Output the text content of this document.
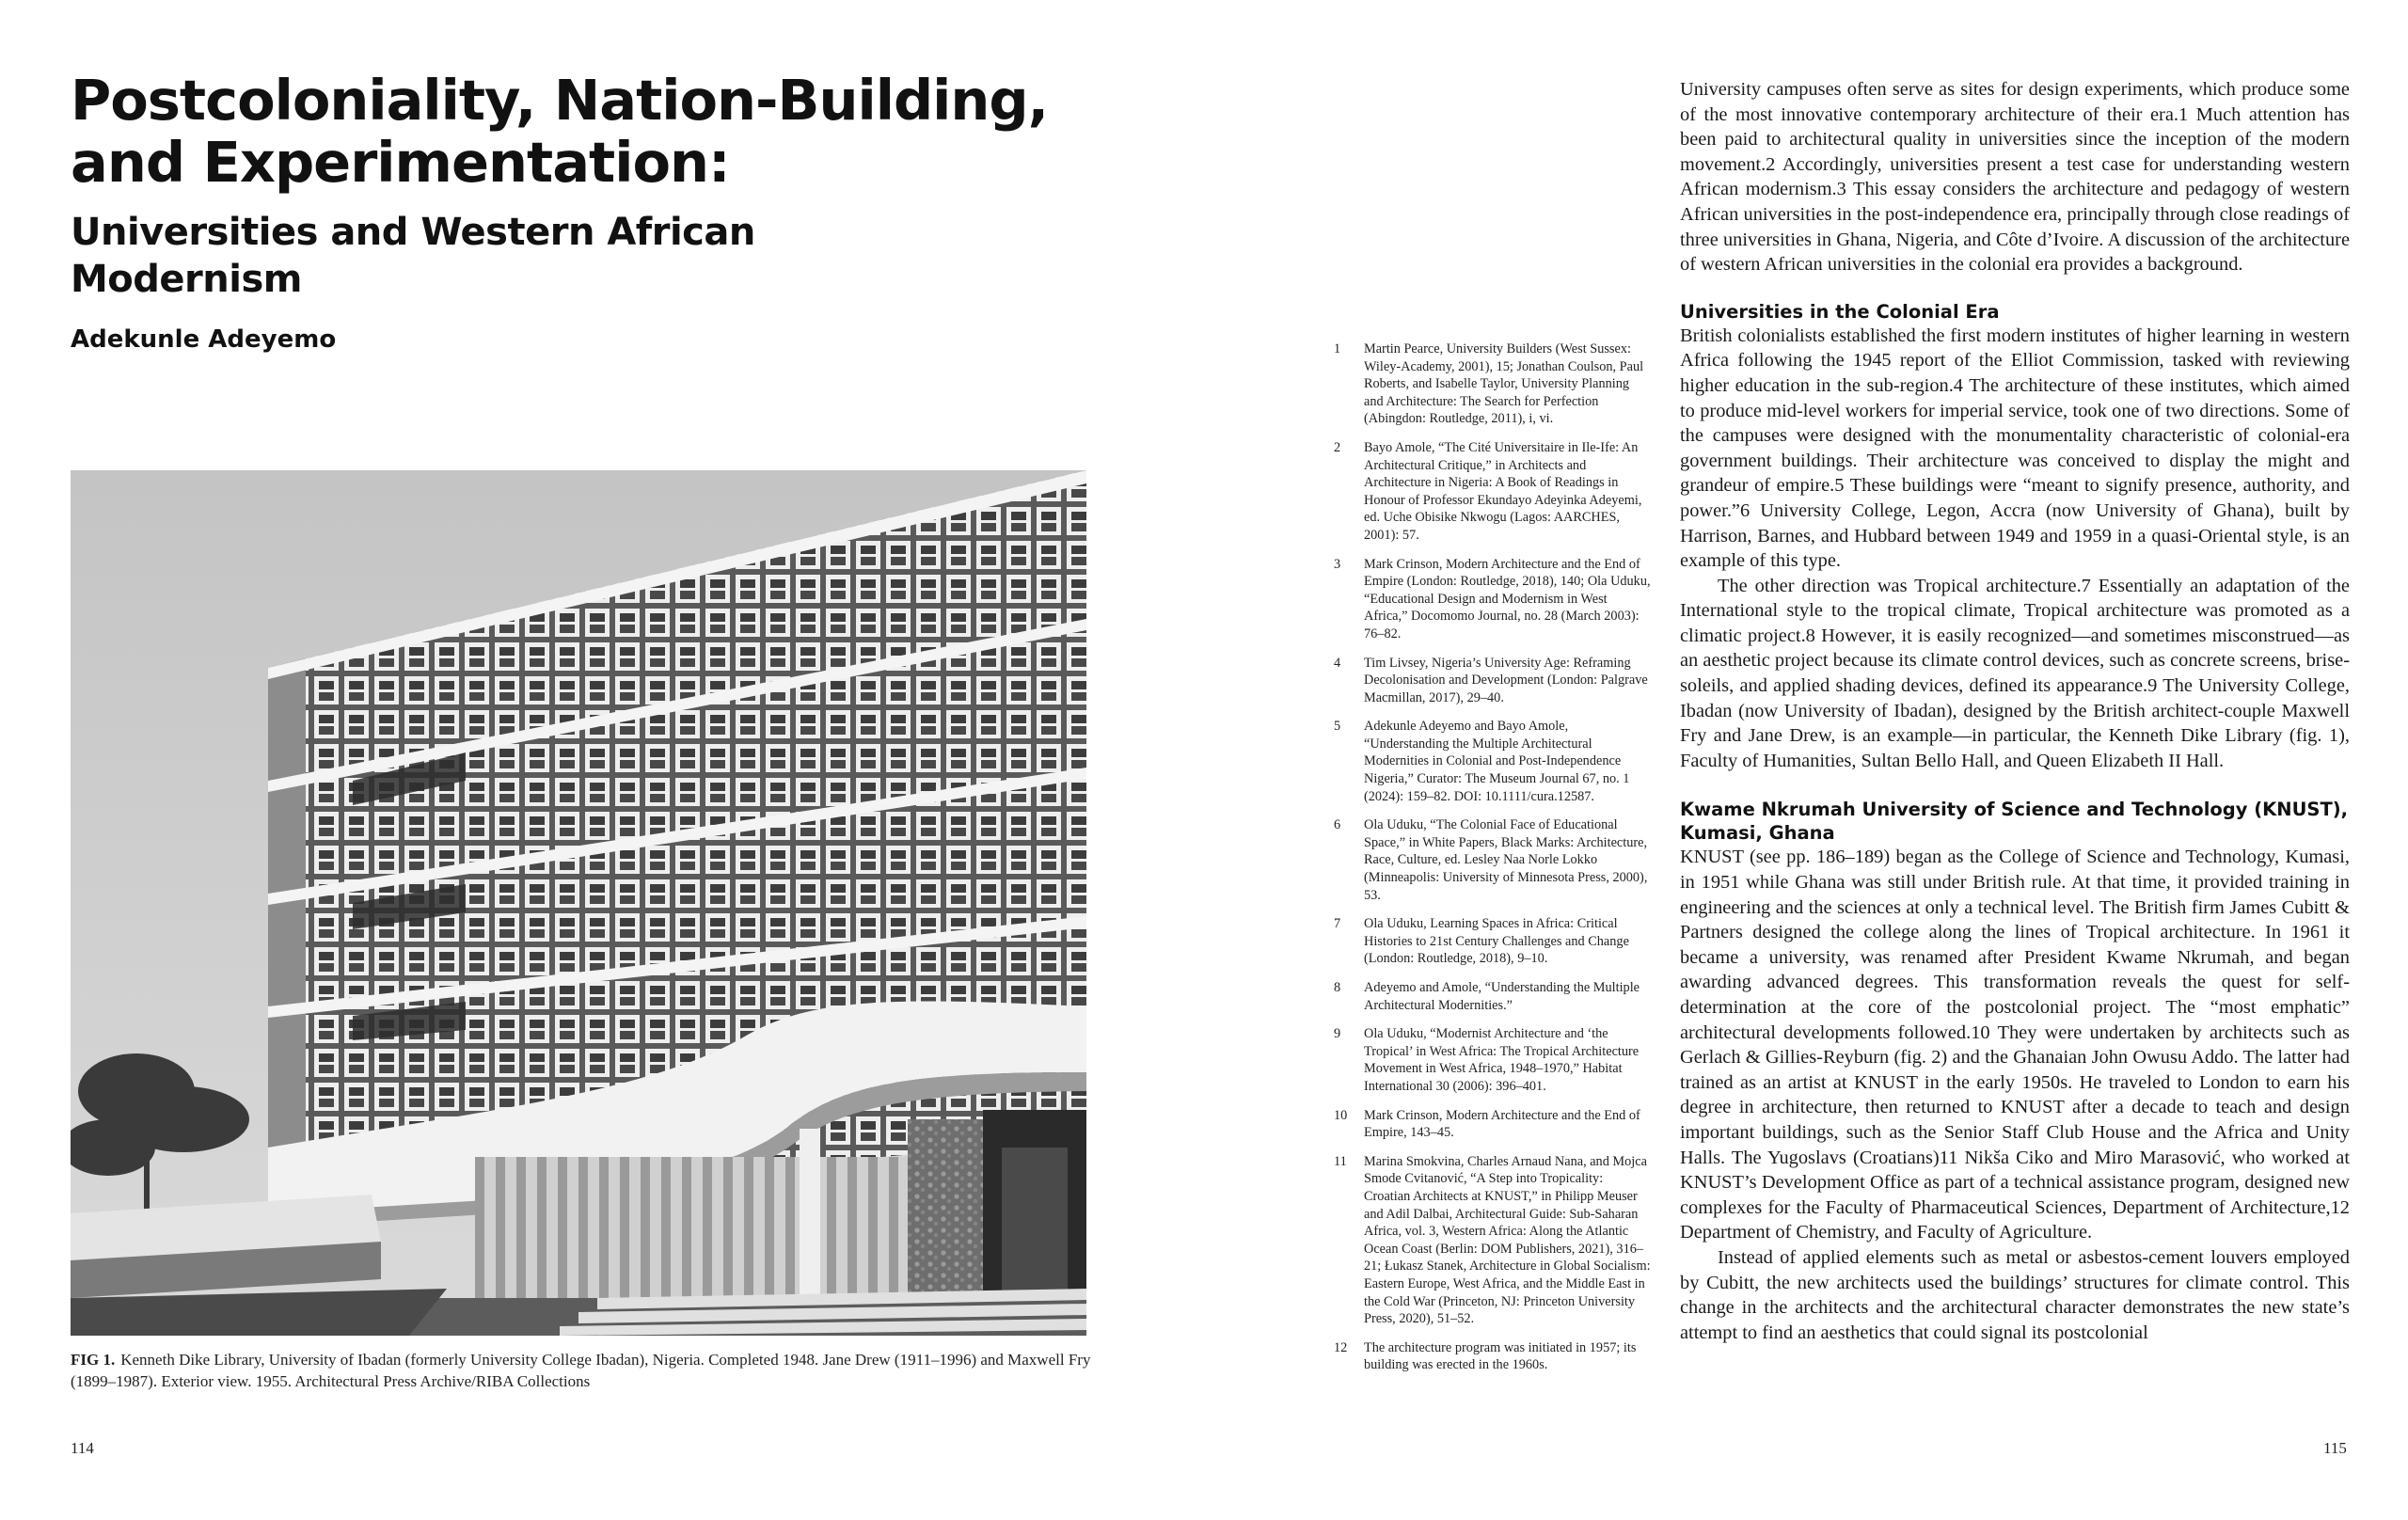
Postcoloniality, Nation-Building, and Experimentation:
Universities and Western African Modernism
Adekunle Adeyemo
FIG 1. Kenneth Dike Library, University of Ibadan (formerly University College Ibadan), Nigeria. Completed 1948. Jane Drew (1911–1996) and Maxwell Fry (1899–1987). Exterior view. 1955. Architectural Press Archive/RIBA Collections
114	115
1	Martin Pearce, University Builders (West Sussex: Wiley-Academy, 2001), 15; Jonathan Coulson, Paul Roberts, and Isabelle Taylor, University Planning and Architecture: The Search for Perfection (Abingdon: Routledge, 2011), i, vi.
2	Bayo Amole, “The Cité Universitaire in Ile-Ife: An Architectural Critique,” in Architects and Architecture in Nigeria: A Book of Readings in Honour of Professor Ekundayo Adeyinka Adeyemi, ed. Uche Obisike Nkwogu (Lagos: AARCHES, 2001): 57.
3	Mark Crinson, Modern Architecture and the End of Empire (London: Routledge, 2018), 140; Ola Uduku, “Educational Design and Modernism in West Africa,” Docomomo Journal, no. 28 (March 2003): 76–82.
4	Tim Livsey, Nigeria’s University Age: Reframing Decolonisation and Development (London: Palgrave Macmillan, 2017), 29–40.
5	Adekunle Adeyemo and Bayo Amole, “Understanding the Multiple Architectural Modernities in Colonial and Post-Independence Nigeria,” Curator: The Museum Journal 67, no. 1 (2024): 159–82. DOI: 10.1111/cura.12587.
6	Ola Uduku, “The Colonial Face of Educational Space,” in White Papers, Black Marks: Architecture, Race, Culture, ed. Lesley Naa Norle Lokko (Minneapolis: University of Minnesota Press, 2000), 53.
7	Ola Uduku, Learning Spaces in Africa: Critical Histories to 21st Century Challenges and Change (London: Routledge, 2018), 9–10.
8	Adeyemo and Amole, “Understanding the Multiple Architectural Modernities.”
9	Ola Uduku, “Modernist Architecture and ‘the Tropical’ in West Africa: The Tropical Architecture Movement in West Africa, 1948–1970,” Habitat International 30 (2006): 396–401.
10	Mark Crinson, Modern Architecture and the End of Empire, 143–45.
11	Marina Smokvina, Charles Arnaud Nana, and Mojca Smode Cvitanović, “A Step into Tropicality: Croatian Architects at KNUST,” in Philipp Meuser and Adil Dalbai, Architectural Guide: Sub-Saharan Africa, vol. 3, Western Africa: Along the Atlantic Ocean Coast (Berlin: DOM Publishers, 2021), 316–21; Łukasz Stanek, Architecture in Global Socialism: Eastern Europe, West Africa, and the Middle East in the Cold War (Princeton, NJ: Princeton University Press, 2020), 51–52.
12	The architecture program was initiated in 1957; its building was erected in the 1960s.

University campuses often serve as sites for design experiments, which produce some of the most innovative contemporary architecture of their era.1 Much attention has been paid to architectural quality in universities since the inception of the modern movement.2 Accordingly, universities present a test case for understanding western African modernism.3 This essay considers the architecture and pedagogy of western African universities in the post-independence era, principally through close readings of three universities in Ghana, Nigeria, and Côte d’Ivoire. A discussion of the architecture of western African universities in the colonial era provides a background.

Universities in the Colonial Era

British colonialists established the first modern institutes of higher learning in western Africa following the 1945 report of the Elliot Commission, tasked with reviewing higher education in the sub-region.4 The architecture of these institutes, which aimed to produce mid-level workers for imperial service, took one of two directions. Some of the campuses were designed with the monumentality characteristic of colonial-era government buildings. Their architecture was conceived to display the might and grandeur of empire.5 These buildings were “meant to signify presence, authority, and power.”6 University College, Legon, Accra (now University of Ghana), built by Harrison, Barnes, and Hubbard between 1949 and 1959 in a quasi-Oriental style, is an example of this type.

The other direction was Tropical architecture.7 Essentially an adaptation of the International style to the tropical climate, Tropical architecture was promoted as a climatic project.8 However, it is easily recognized—and sometimes misconstrued—as an aesthetic project because its climate control devices, such as concrete screens, brise-soleils, and applied shading devices, defined its appearance.9 The University College, Ibadan (now University of Ibadan), designed by the British architect-couple Maxwell Fry and Jane Drew, is an example—in particular, the Kenneth Dike Library (fig. 1), Faculty of Humanities, Sultan Bello Hall, and Queen Elizabeth II Hall.

Kwame Nkrumah University of Science and Technology (KNUST), Kumasi, Ghana

KNUST (see pp. 186–189) began as the College of Science and Technology, Kumasi, in 1951 while Ghana was still under British rule. At that time, it provided training in engineering and the sciences at only a technical level. The British firm James Cubitt & Partners designed the college along the lines of Tropical architecture. In 1961 it became a university, was renamed after President Kwame Nkrumah, and began awarding advanced degrees. This transformation reveals the quest for self-determination at the core of the postcolonial project. The “most emphatic” architectural developments followed.10 They were undertaken by architects such as Gerlach & Gillies-Reyburn (fig. 2) and the Ghanaian John Owusu Addo. The latter had trained as an artist at KNUST in the early 1950s. He traveled to London to earn his degree in architecture, then returned to KNUST after a decade to teach and design important buildings, such as the Senior Staff Club House and the Africa and Unity Halls. The Yugoslavs (Croatians)11 Nikša Ciko and Miro Marasović, who worked at KNUST’s Development Office as part of a technical assistance program, designed new complexes for the Faculty of Pharmaceutical Sciences, Department of Architecture,12 Department of Chemistry, and Faculty of Agriculture.

Instead of applied elements such as metal or asbestos-cement louvers employed by Cubitt, the new architects used the buildings’ structures for climate control. This change in the architects and the architectural character demonstrates the new state’s attempt to find an aesthetics that could signal its postcolonial
